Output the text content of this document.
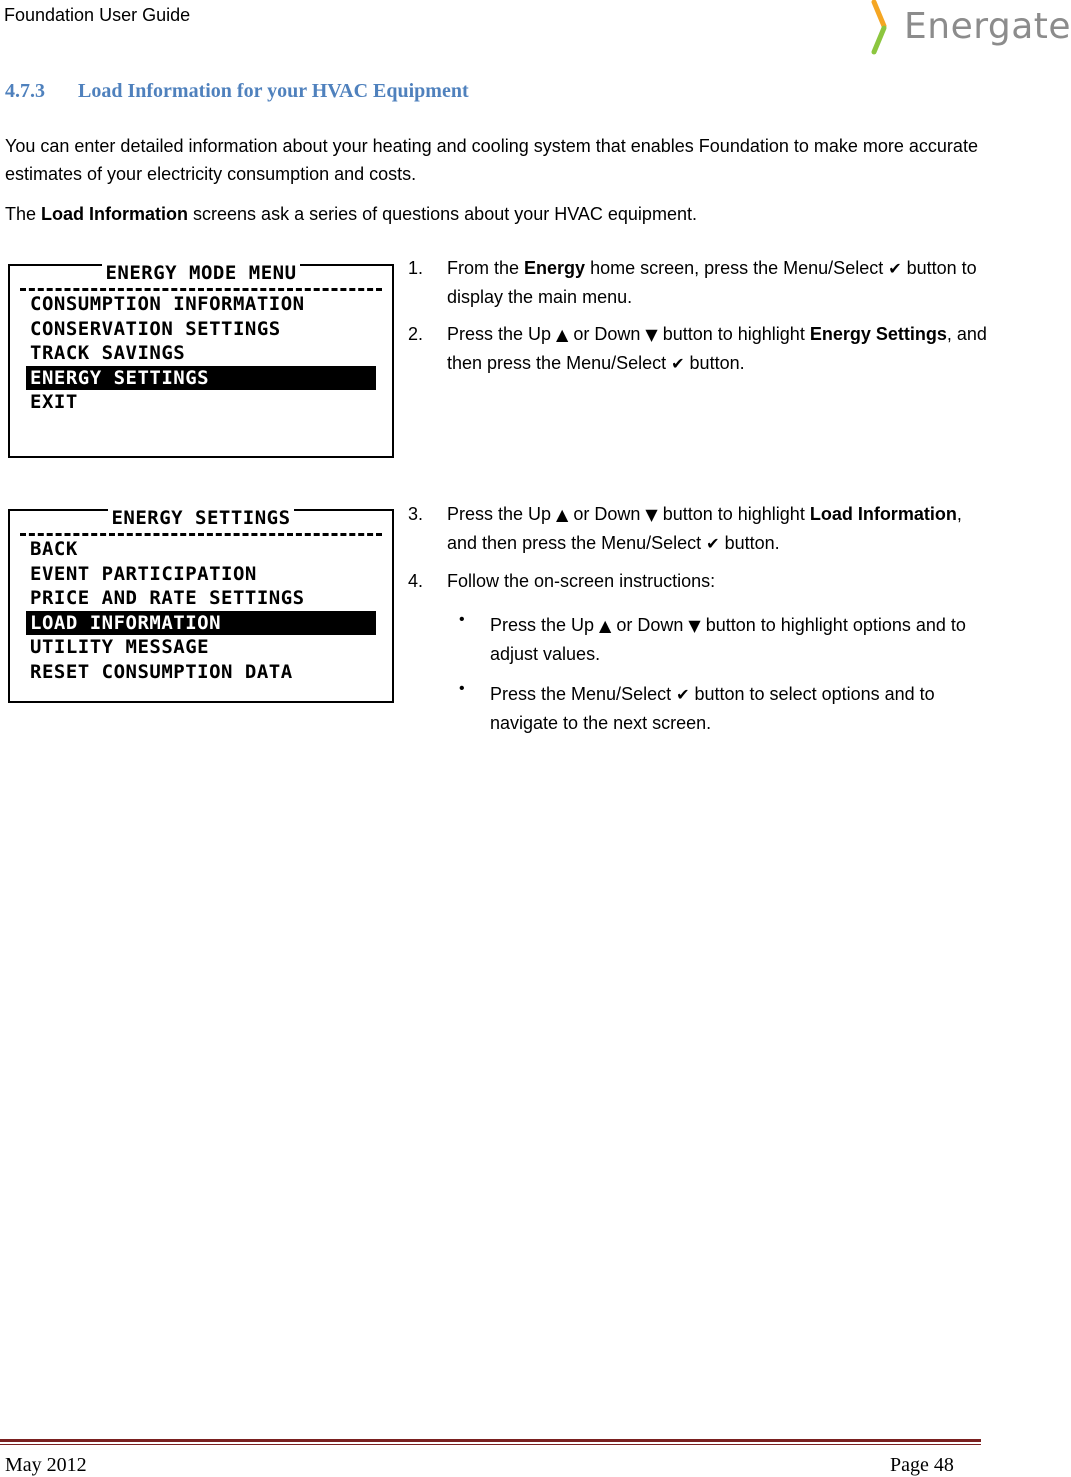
Foundation User Guide	Energate
4.7.3 Load Information for your HVAC Equipment
You can enter detailed information about your heating and cooling system that enables Foundation to make more accurate estimates of your electricity consumption and costs.
The Load Information screens ask a series of questions about your HVAC equipment.
ENERGY MODE MENU
CONSUMPTION INFORMATION
CONSERVATION SETTINGS
TRACK SAVINGS
ENERGY SETTINGS
EXIT
ENERGY SETTINGS
BACK
EVENT PARTICIPATION
PRICE AND RATE SETTINGS
LOAD INFORMATION
UTILITY MESSAGE
RESET CONSUMPTION DATA
1. From the Energy home screen, press the Menu/Select ✔ button to display the main menu.
2. Press the Up ▲ or Down ▼ button to highlight Energy Settings, and then press the Menu/Select ✔ button.
3. Press the Up ▲ or Down ▼ button to highlight Load Information, and then press the Menu/Select ✔ button.
4. Follow the on-screen instructions:
• Press the Up ▲ or Down ▼ button to highlight options and to adjust values.
• Press the Menu/Select ✔ button to select options and to navigate to the next screen.
May 2012	Page 48
